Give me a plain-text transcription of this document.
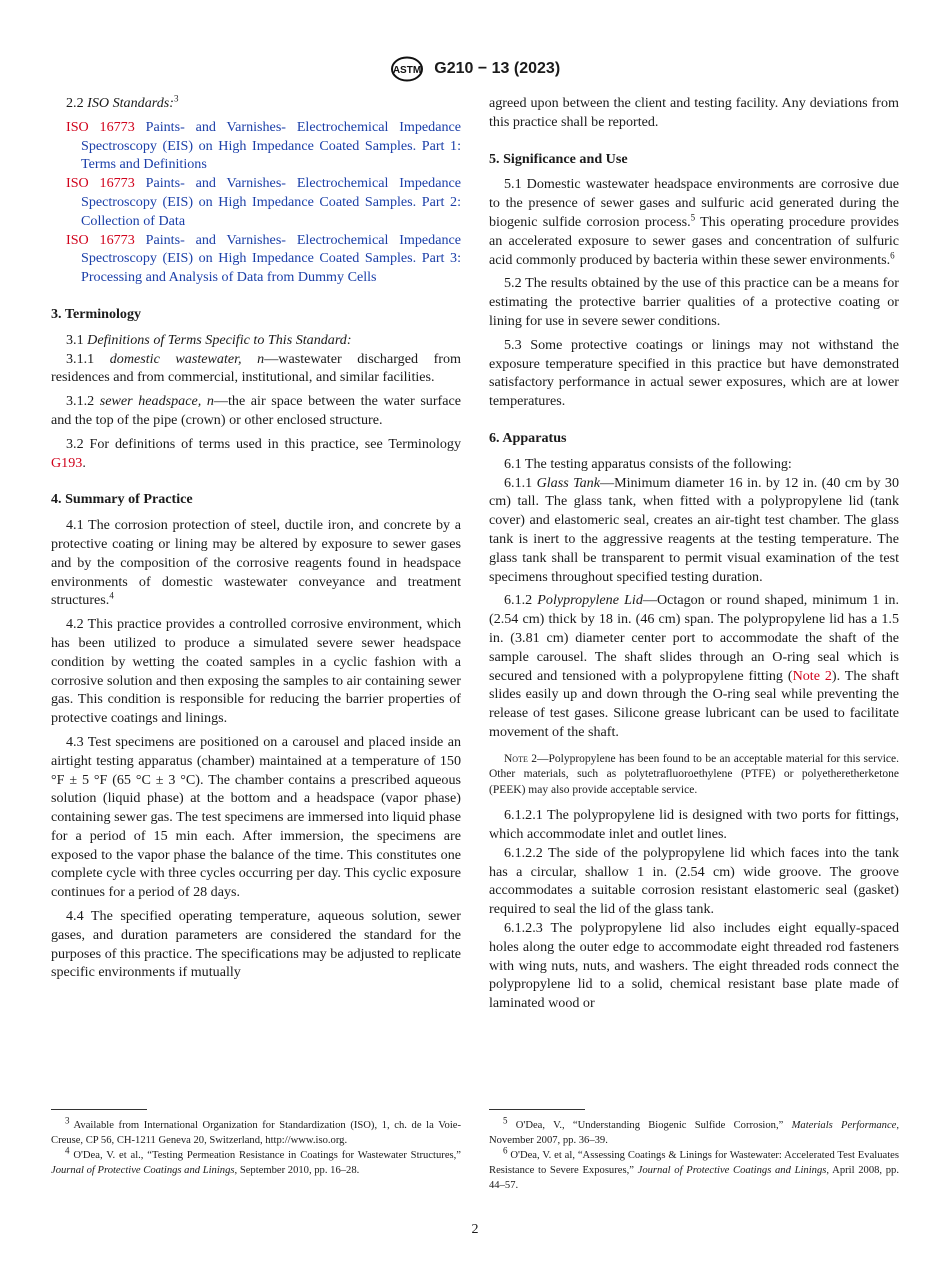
ASTM G210 − 13 (2023)

2.2 ISO Standards:$^3$

ISO 16773 Paints- and Varnishes- Electrochemical Impedance Spectroscopy (EIS) on High Impedance Coated Samples. Part 1: Terms and Definitions

ISO 16773 Paints- and Varnishes- Electrochemical Impedance Spectroscopy (EIS) on High Impedance Coated Samples. Part 2: Collection of Data

ISO 16773 Paints- and Varnishes- Electrochemical Impedance Spectroscopy (EIS) on High Impedance Coated Samples. Part 3: Processing and Analysis of Data from Dummy Cells

3. Terminology

3.1 Definitions of Terms Specific to This Standard:

3.1.1 domestic wastewater, n—wastewater discharged from residences and from commercial, institutional, and similar facilities.

3.1.2 sewer headspace, n—the air space between the water surface and the top of the pipe (crown) or other enclosed structure.

3.2 For definitions of terms used in this practice, see Terminology G193.

4. Summary of Practice

4.1 The corrosion protection of steel, ductile iron, and concrete by a protective coating or lining may be altered by exposure to sewer gases and by the composition of the corrosive reagents found in headspace environments of domestic wastewater conveyance and treatment structures.$^4$

4.2 This practice provides a controlled corrosive environment, which has been utilized to produce a simulated severe sewer headspace condition by wetting the coated samples in a cyclic fashion with a corrosive solution and then exposing the samples to air containing sewer gas. This condition is responsible for reducing the barrier properties of protective coatings and linings.

4.3 Test specimens are positioned on a carousel and placed inside an airtight testing apparatus (chamber) maintained at a temperature of 150 °F ± 5 °F (65 °C ± 3 °C). The chamber contains a prescribed aqueous solution (liquid phase) at the bottom and a headspace (vapor phase) containing sewer gas. The test specimens are immersed into liquid phase for a period of 15 min each. After immersion, the specimens are exposed to the vapor phase the balance of the time. This constitutes one complete cycle with three cycles occurring per day. This cyclic exposure continues for a period of 28 days.

4.4 The specified operating temperature, aqueous solution, sewer gases, and duration parameters are considered the standard for the purposes of this practice. The specifications may be adjusted to replicate specific environments if mutually

agreed upon between the client and testing facility. Any deviations from this practice shall be reported.

5. Significance and Use

5.1 Domestic wastewater headspace environments are corrosive due to the presence of sewer gases and sulfuric acid generated during the biogenic sulfide corrosion process.$^5$ This operating procedure provides an accelerated exposure to sewer gases and concentration of sulfuric acid commonly produced by bacteria within these sewer environments.$^6$

5.2 The results obtained by the use of this practice can be a means for estimating the protective barrier qualities of a protective coating or lining for use in severe sewer conditions.

5.3 Some protective coatings or linings may not withstand the exposure temperature specified in this practice but have demonstrated satisfactory performance in actual sewer exposures, which are at lower temperatures.

6. Apparatus

6.1 The testing apparatus consists of the following:

6.1.1 Glass Tank—Minimum diameter 16 in. by 12 in. (40 cm by 30 cm) tall. The glass tank, when fitted with a polypropylene lid (tank cover) and elastomeric seal, creates an air-tight test chamber. The glass tank is inert to the aggressive reagents at the testing temperature. The glass tank shall be transparent to permit visual examination of the test specimens throughout specified testing duration.

6.1.2 Polypropylene Lid—Octagon or round shaped, minimum 1 in. (2.54 cm) thick by 18 in. (46 cm) span. The polypropylene lid has a 1.5 in. (3.81 cm) diameter center port to accommodate the shaft of the sample carousel. The shaft slides through an O-ring seal which is secured and tensioned with a polypropylene fitting (Note 2). The shaft slides easily up and down through the O-ring seal while preventing the release of test gases. Silicone grease lubricant can be used to facilitate movement of the shaft.

Note 2—Polypropylene has been found to be an acceptable material for this service. Other materials, such as polytetrafluoroethylene (PTFE) or polyetheretherketone (PEEK) may also provide acceptable service.

6.1.2.1 The polypropylene lid is designed with two ports for fittings, which accommodate inlet and outlet lines.

6.1.2.2 The side of the polypropylene lid which faces into the tank has a circular, shallow 1 in. (2.54 cm) wide groove. The groove accommodates a suitable corrosion resistant elastomeric seal (gasket) required to seal the lid of the glass tank.

6.1.2.3 The polypropylene lid also includes eight equally-spaced holes along the outer edge to accommodate eight threaded rod fasteners with wing nuts, nuts, and washers. The eight threaded rods connect the polypropylene lid to a solid, chemical resistant base plate made of laminated wood or

$^3$ Available from International Organization for Standardization (ISO), 1, ch. de la Voie-Creuse, CP 56, CH-1211 Geneva 20, Switzerland, http://www.iso.org.

$^4$ O'Dea, V. et al., “Testing Permeation Resistance in Coatings for Wastewater Structures,” Journal of Protective Coatings and Linings, September 2010, pp. 16–28.

$^5$ O'Dea, V., “Understanding Biogenic Sulfide Corrosion,” Materials Performance, November 2007, pp. 36–39.

$^6$ O'Dea, V. et al, “Assessing Coatings & Linings for Wastewater: Accelerated Test Evaluates Resistance to Severe Exposures,” Journal of Protective Coatings and Linings, April 2008, pp. 44–57.

2
